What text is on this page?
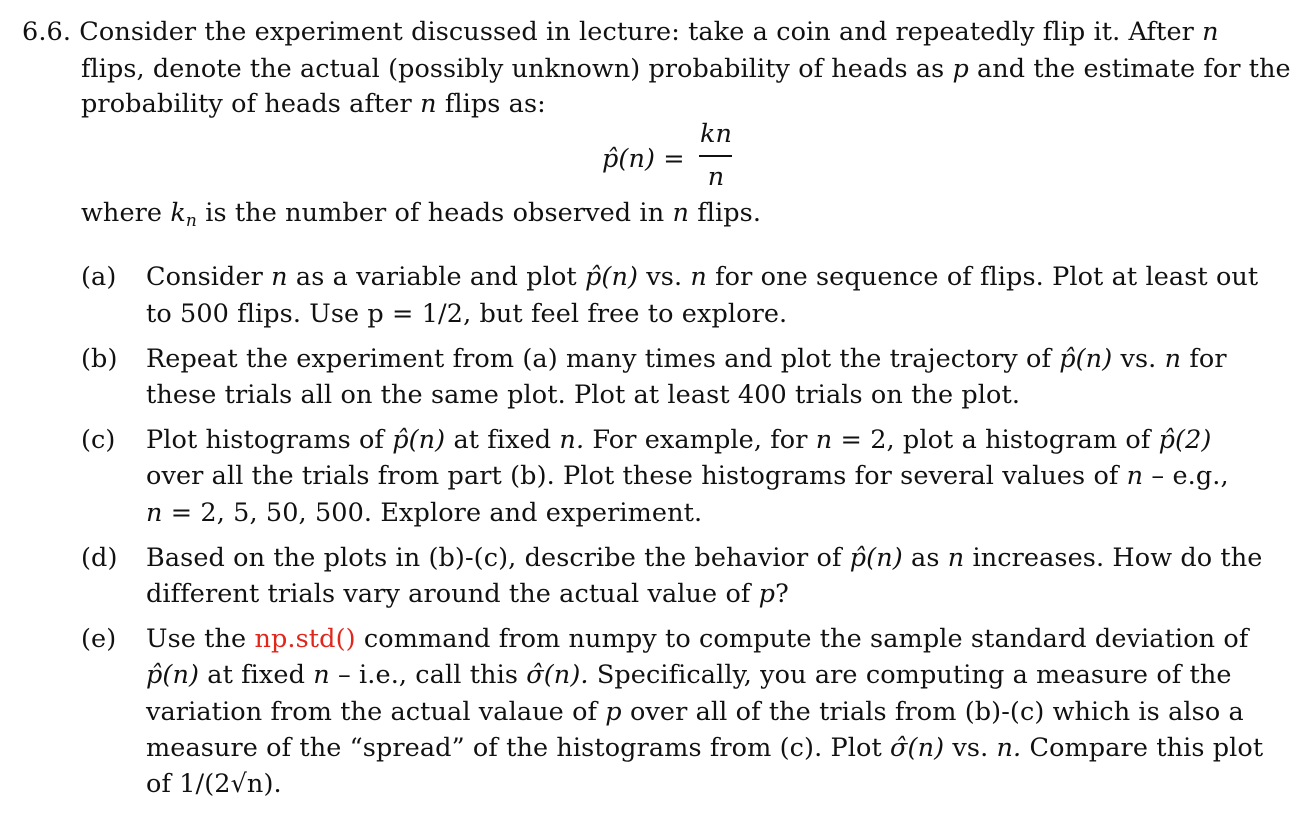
6.6. Consider the experiment discussed in lecture: take a coin and repeatedly flip it. After n
flips, denote the actual (possibly unknown) probability of heads as p and the estimate for the
probability of heads after n flips as:
p̂(n) =
kn
n
where $k_n$ is the number of heads observed in n flips.
(a) Consider n as a variable and plot p̂(n) vs. n for one sequence of flips. Plot at least out
to 500 flips. Use p = 1/2, but feel free to explore.
(b) Repeat the experiment from (a) many times and plot the trajectory of p̂(n) vs. n for
these trials all on the same plot. Plot at least 400 trials on the plot.
(c) Plot histograms of p̂(n) at fixed n. For example, for n = 2, plot a histogram of p̂(2)
over all the trials from part (b). Plot these histograms for several values of n – e.g.,
n = 2, 5, 50, 500. Explore and experiment.
(d) Based on the plots in (b)-(c), describe the behavior of p̂(n) as n increases. How do the
different trials vary around the actual value of p?
(e) Use the np.std() command from numpy to compute the sample standard deviation of
p̂(n) at fixed n – i.e., call this σ̂(n). Specifically, you are computing a measure of the
variation from the actual valaue of p over all of the trials from (b)-(c) which is also a
measure of the “spread” of the histograms from (c). Plot σ̂(n) vs. n. Compare this plot
of 1/(2√n).
